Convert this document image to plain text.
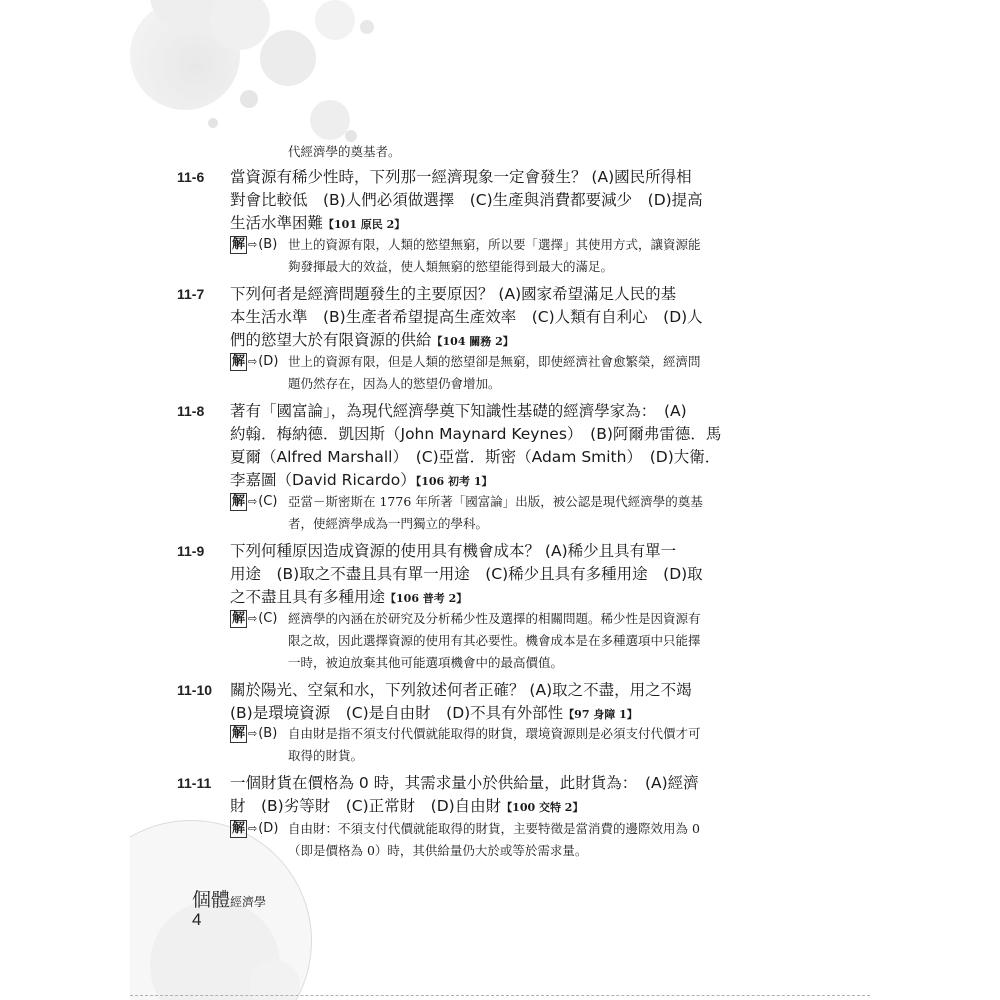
代經濟學的奠基者。
11-6 當資源有稀少性時，下列那一經濟現象一定會發生？ (A)國民所得相
對會比較低　(B)人們必須做選擇　(C)生產與消費都要減少　(D)提高
生活水準困難【101 原民 2】
解 ⇨(B) 世上的資源有限，人類的慾望無窮，所以要「選擇」其使用方式，讓資源能
夠發揮最大的效益，使人類無窮的慾望能得到最大的滿足。
11-7 下列何者是經濟問題發生的主要原因？ (A)國家希望滿足人民的基
本生活水準　(B)生產者希望提高生產效率　(C)人類有自利心　(D)人
們的慾望大於有限資源的供給【104 關務 2】
解 ⇨(D) 世上的資源有限，但是人類的慾望卻是無窮，即使經濟社會愈繁榮，經濟問
題仍然存在，因為人的慾望仍會增加。
11-8 著有「國富論」，為現代經濟學奠下知識性基礎的經濟學家為：　(A)
約翰．梅納德．凱因斯（John Maynard Keynes）　(B)阿爾弗雷德．馬
夏爾（Alfred Marshall）　(C)亞當．斯密（Adam Smith）　(D)大衛．
李嘉圖（David Ricardo）【106 初考 1】
解 ⇨(C) 亞當－斯密斯在 1776 年所著「國富論」出版，被公認是現代經濟學的奠基
者，使經濟學成為一門獨立的學科。
11-9 下列何種原因造成資源的使用具有機會成本？ (A)稀少且具有單一
用途　(B)取之不盡且具有單一用途　(C)稀少且具有多種用途　(D)取
之不盡且具有多種用途【106 普考 2】
解 ⇨(C) 經濟學的內涵在於研究及分析稀少性及選擇的相關問題。稀少性是因資源有
限之故，因此選擇資源的使用有其必要性。機會成本是在多種選項中只能擇
一時，被迫放棄其他可能選項機會中的最高價值。
11-10 關於陽光、空氣和水，下列敘述何者正確？ (A)取之不盡，用之不竭
(B)是環境資源　(C)是自由財　(D)不具有外部性【97 身障 1】
解 ⇨(B) 自由財是指不須支付代價就能取得的財貨，環境資源則是必須支付代價才可
取得的財貨。
11-11 一個財貨在價格為 0 時，其需求量小於供給量，此財貨為：　(A)經濟
財　(B)劣等財　(C)正常財　(D)自由財【100 交特 2】
解 ⇨(D) 自由財：不須支付代價就能取得的財貨，主要特徵是當消費的邊際效用為 0
（即是價格為 0）時，其供給量仍大於或等於需求量。
個體經濟學
4
